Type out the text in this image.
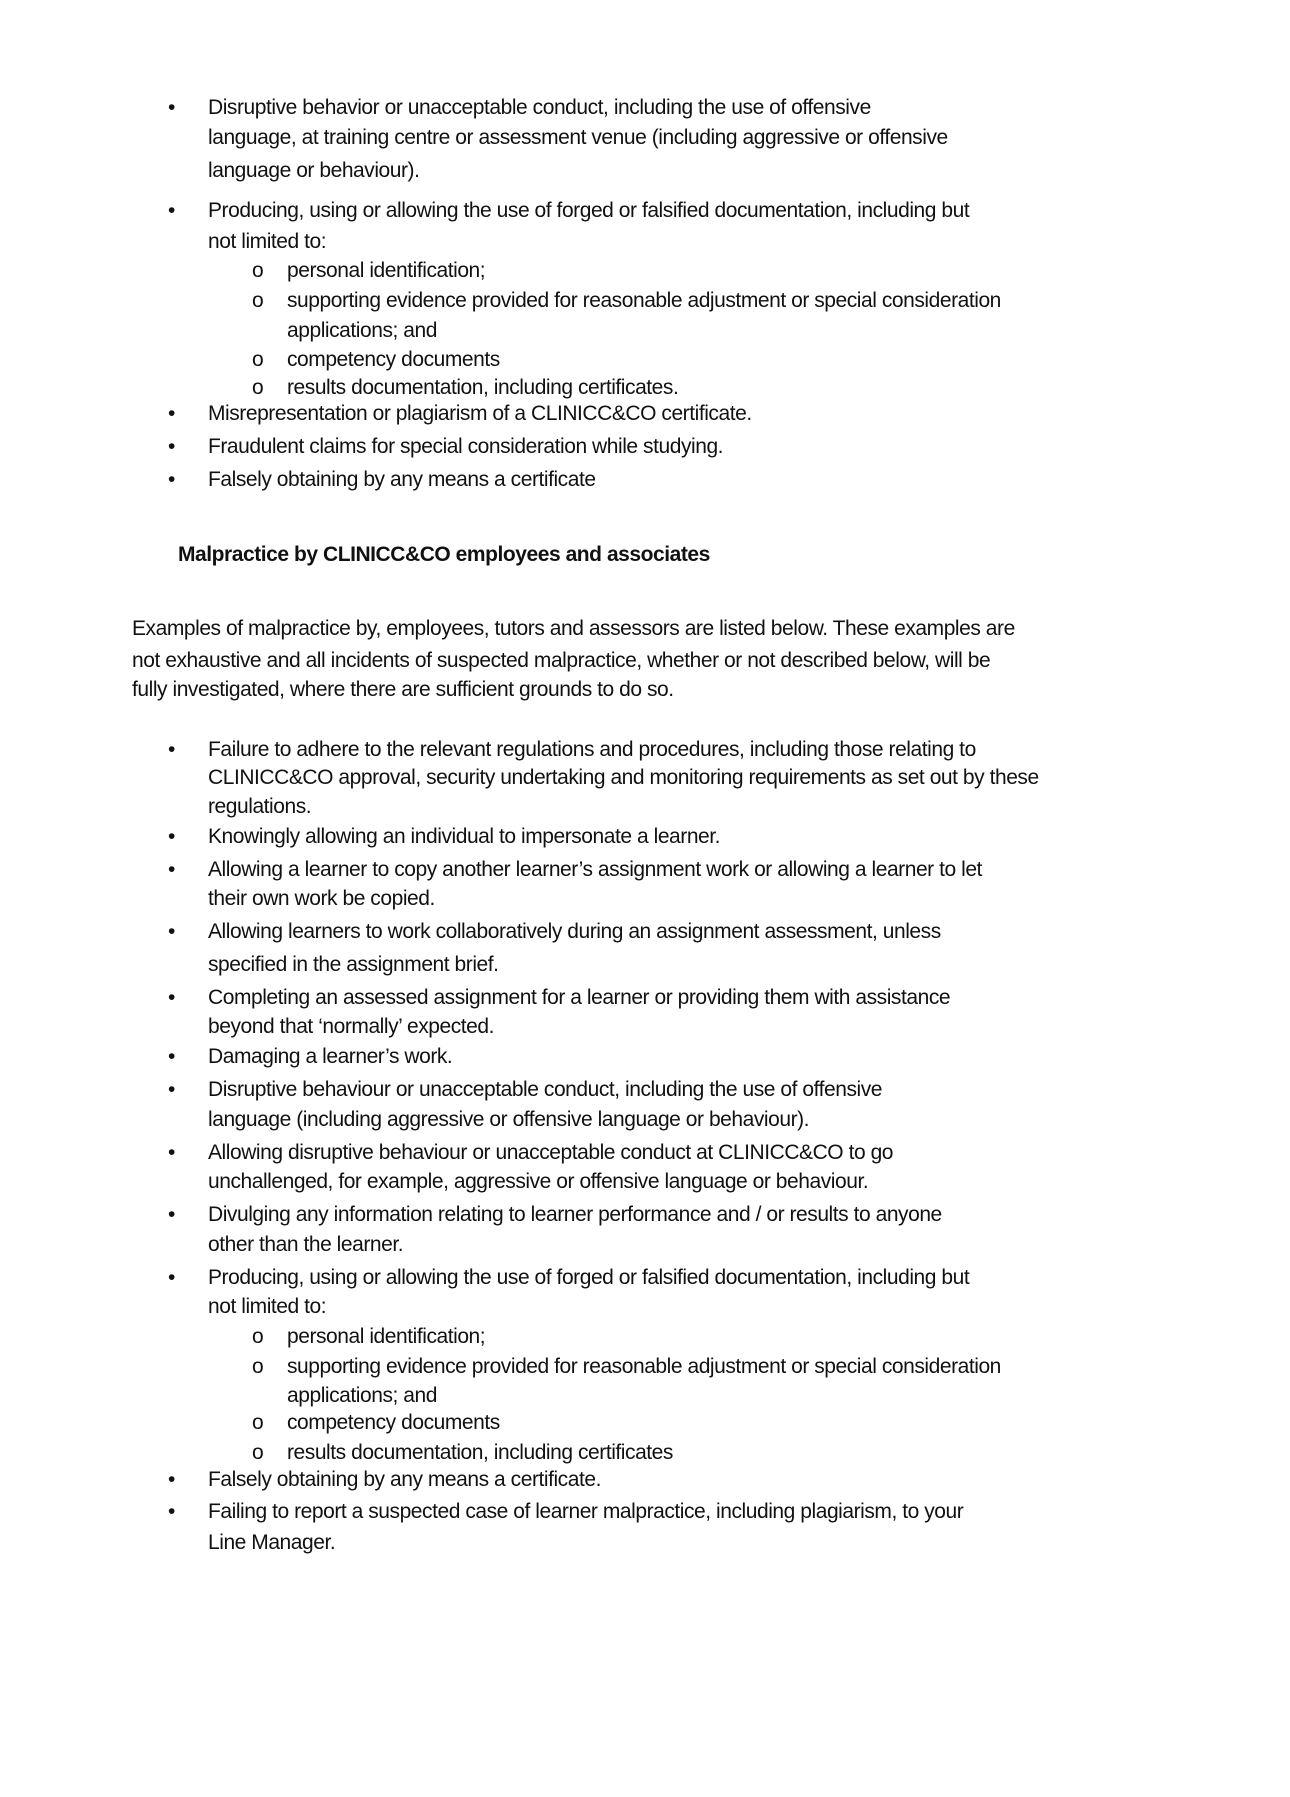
• Disruptive behavior or unacceptable conduct, including the use of offensive
language, at training centre or assessment venue (including aggressive or offensive
language or behaviour).
• Producing, using or allowing the use of forged or falsified documentation, including but
not limited to:
o personal identification;
o supporting evidence provided for reasonable adjustment or special consideration
applications; and
o competency documents
o results documentation, including certificates.
• Misrepresentation or plagiarism of a CLINICC&CO certificate.
• Fraudulent claims for special consideration while studying.
• Falsely obtaining by any means a certificate
Malpractice by CLINICC&CO employees and associates
Examples of malpractice by, employees, tutors and assessors are listed below. These examples are
not exhaustive and all incidents of suspected malpractice, whether or not described below, will be
fully investigated, where there are sufficient grounds to do so.
• Failure to adhere to the relevant regulations and procedures, including those relating to
CLINICC&CO approval, security undertaking and monitoring requirements as set out by these
regulations.
• Knowingly allowing an individual to impersonate a learner.
• Allowing a learner to copy another learner’s assignment work or allowing a learner to let
their own work be copied.
• Allowing learners to work collaboratively during an assignment assessment, unless
specified in the assignment brief.
• Completing an assessed assignment for a learner or providing them with assistance
beyond that ‘normally’ expected.
• Damaging a learner’s work.
• Disruptive behaviour or unacceptable conduct, including the use of offensive
language (including aggressive or offensive language or behaviour).
• Allowing disruptive behaviour or unacceptable conduct at CLINICC&CO to go
unchallenged, for example, aggressive or offensive language or behaviour.
• Divulging any information relating to learner performance and / or results to anyone
other than the learner.
• Producing, using or allowing the use of forged or falsified documentation, including but
not limited to:
o personal identification;
o supporting evidence provided for reasonable adjustment or special consideration
applications; and
o competency documents
o results documentation, including certificates
• Falsely obtaining by any means a certificate.
• Failing to report a suspected case of learner malpractice, including plagiarism, to your
Line Manager.
